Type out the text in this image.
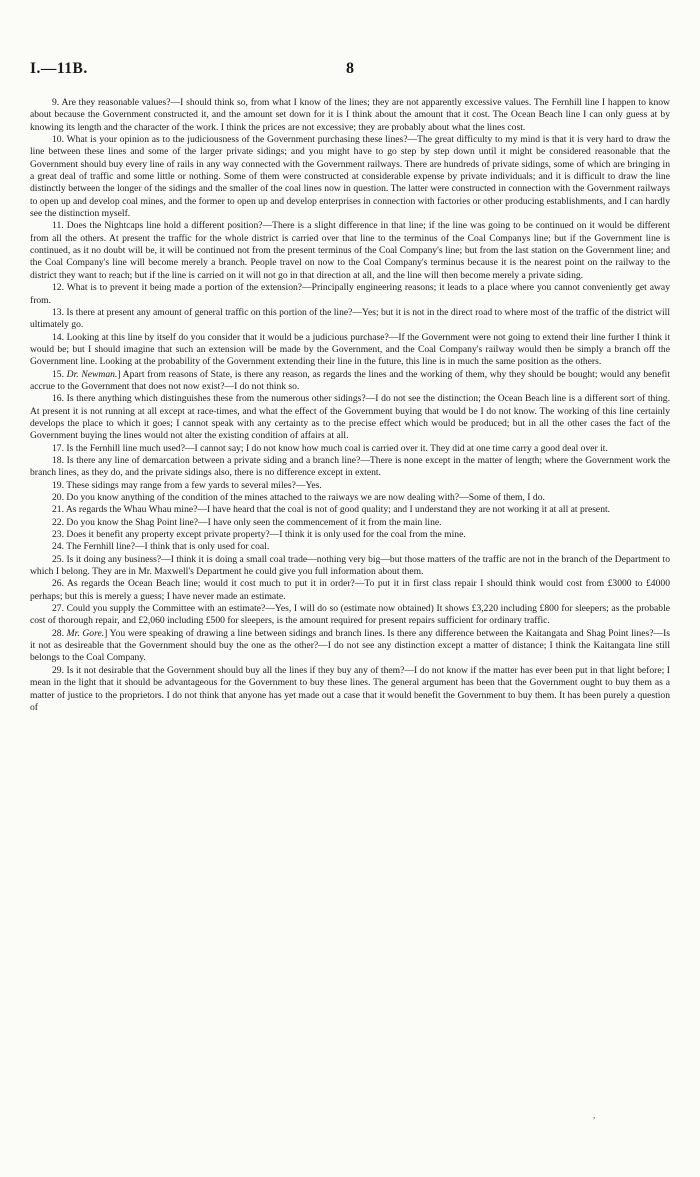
I.—11B.	8

9. Are they reasonable values?—I should think so, from what I know of the lines; they are not apparently excessive values. The Fernhill line I happen to know about because the Government constructed it, and the amount set down for it is I think about the amount that it cost. The Ocean Beach line I can only guess at by knowing its length and the character of the work. I think the prices are not excessive; they are probably about what the lines cost.

10. What is your opinion as to the judiciousness of the Government purchasing these lines?—The great difficulty to my mind is that it is very hard to draw the line between these lines and some of the larger private sidings; and you might have to go step by step down until it might be considered reasonable that the Government should buy every line of rails in any way connected with the Government railways. There are hundreds of private sidings, some of which are bringing in a great deal of traffic and some little or nothing. Some of them were constructed at considerable expense by private individuals; and it is difficult to draw the line distinctly between the longer of the sidings and the smaller of the coal lines now in question. The latter were constructed in connection with the Government railways to open up and develop coal mines, and the former to open up and develop enterprises in connection with factories or other producing establishments, and I can hardly see the distinction myself.

11. Does the Nightcaps line hold a different position?—There is a slight difference in that line; if the line was going to be continued on it would be different from all the others. At present the traffic for the whole district is carried over that line to the terminus of the Coal Companys line; but if the Government line is continued, as it no doubt will be, it will be continued not from the present terminus of the Coal Company's line; but from the last station on the Government line; and the Coal Company's line will become merely a branch. People travel on now to the Coal Company's terminus because it is the nearest point on the railway to the district they want to reach; but if the line is carried on it will not go in that direction at all, and the line will then become merely a private siding.

12. What is to prevent it being made a portion of the extension?—Principally engineering reasons; it leads to a place where you cannot conveniently get away from.

13. Is there at present any amount of general traffic on this portion of the line?—Yes; but it is not in the direct road to where most of the traffic of the district will ultimately go.

14. Looking at this line by itself do you consider that it would be a judicious purchase?—If the Government were not going to extend their line further I think it would be; but I should imagine that such an extension will be made by the Government, and the Coal Company's railway would then be simply a branch off the Government line. Looking at the probability of the Government extending their line in the future, this line is in much the same position as the others.

15. Dr. Newman.] Apart from reasons of State, is there any reason, as regards the lines and the working of them, why they should be bought; would any benefit accrue to the Government that does not now exist?—I do not think so.

16. Is there anything which distinguishes these from the numerous other sidings?—I do not see the distinction; the Ocean Beach line is a different sort of thing. At present it is not running at all except at race-times, and what the effect of the Government buying that would be I do not know. The working of this line certainly develops the place to which it goes; I cannot speak with any certainty as to the precise effect which would be produced; but in all the other cases the fact of the Government buying the lines would not alter the existing condition of affairs at all.

17. Is the Fernhill line much used?—I cannot say; I do not know how much coal is carried over it. They did at one time carry a good deal over it.

18. Is there any line of demarcation between a private siding and a branch line?—There is none except in the matter of length; where the Government work the branch lines, as they do, and the private sidings also, there is no difference except in extent.

19. These sidings may range from a few yards to several miles?—Yes.

20. Do you know anything of the condition of the mines attached to the raiways we are now dealing with?—Some of them, I do.

21. As regards the Whau Whau mine?—I have heard that the coal is not of good quality; and I understand they are not working it at all at present.

22. Do you know the Shag Point line?—I have only seen the commencement of it from the main line.

23. Does it benefit any property except private property?—I think it is only used for the coal from the mine.

24. The Fernhill line?—I think that is only used for coal.

25. Is it doing any business?—I think it is doing a small coal trade—nothing very big—but those matters of the traffic are not in the branch of the Department to which I belong. They are in Mr. Maxwell's Department he could give you full information about them.

26. As regards the Ocean Beach line; would it cost much to put it in order?—To put it in first class repair I should think would cost from £3000 to £4000 perhaps; but this is merely a guess; I have never made an estimate.

27. Could you supply the Committee with an estimate?—Yes, I will do so (estimate now obtained) It shows £3,220 including £800 for sleepers; as the probable cost of thorough repair, and £2,060 including £500 for sleepers, is the amount required for present repairs sufficient for ordinary traffic.

28. Mr. Gore.] You were speaking of drawing a line between sidings and branch lines. Is there any difference between the Kaitangata and Shag Point lines?—Is it not as desireable that the Government should buy the one as the other?—I do not see any distinction except a matter of distance; I think the Kaitangata line still belongs to the Coal Company.

29. Is it not desirable that the Government should buy all the lines if they buy any of them?—I do not know if the matter has ever been put in that light before; I mean in the light that it should be advantageous for the Government to buy these lines. The general argument has been that the Government ought to buy them as a matter of justice to the proprietors. I do not think that anyone has yet made out a case that it would benefit the Government to buy them. It has been purely a question of

,
